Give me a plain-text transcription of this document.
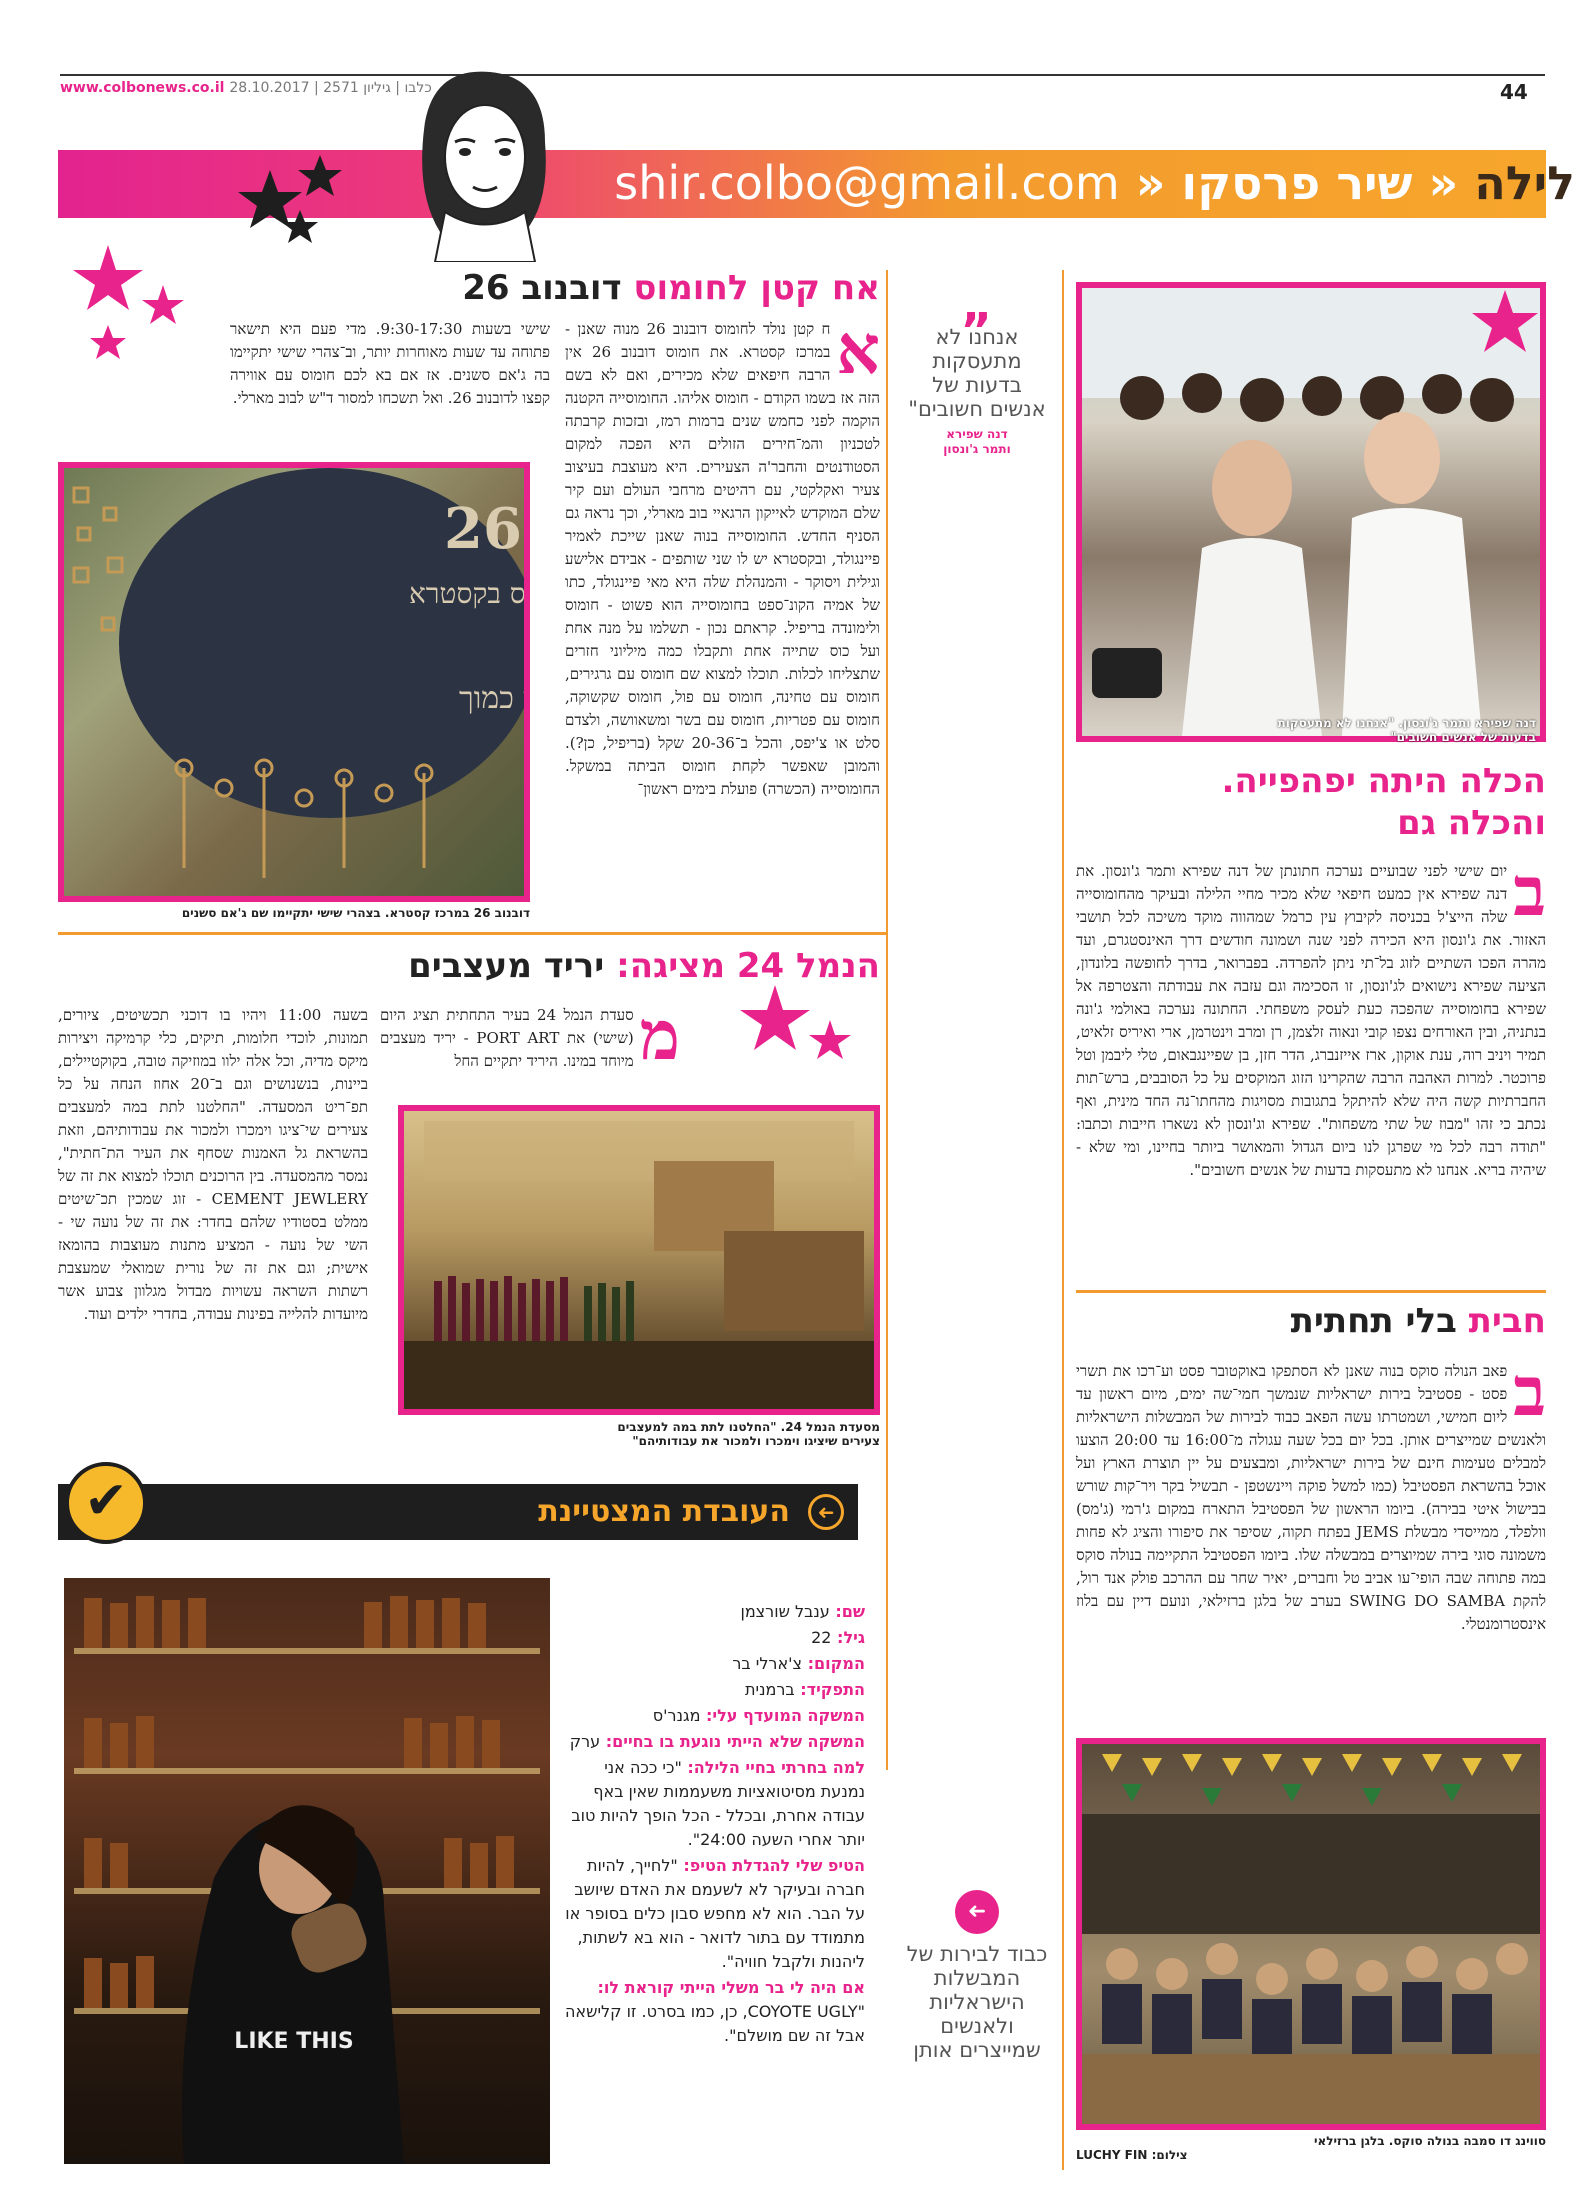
www.colbonews.co.il כלבו | גיליון 2571 | 28.10.2017	44
לילה « שיר פרסקו « shir.colbo@gmail.com
אח קטן לחומוס דובנוב 26
א
ח קטן נולד לחומוס דובנוב 26 מנוה שאנן - במרכז קסטרא. את חומוס דובנוב 26 אין הרבה חיפאים שלא מכירים, ואם לא בשם הזה אז בשמו הקודם - חומוס אליהו. החומוסייה הקטנה הוקמה לפני כחמש שנים ברמות רמז, ובזכות קרבתה לטכניון והמ־חירים הזולים היא הפכה למקום הסטודנטים והחבר'ה הצעירים. היא מעוצבת בעיצוב צעיר ואקלקטי, עם רהיטים מרחבי העולם ועם קיר שלם המוקדש לאייקון הרגאיי בוב מארלי, וכך נראה גם הסניף החדש. החומוסייה בנוה שאנן שייכת לאמיר פיינגולד, ובקסטרא יש לו שני שותפים - אבידם אלישע וגילית ויסוקר - והמנהלת שלה היא מאי פיינגולד, כתו של אמיה הקונ־ספט בחומוסייה הוא פשוט - חומוס ולימונדה בריפיל. קראתם נכון - תשלמו על מנה אחת ועל כוס שתייה אחת ותקבלו כמה מיליוני חזרים שתצליחו לכלות. תוכלו למצוא שם חומוס עם גרגירים, חומוס עם טחינה, חומוס עם פול, חומוס שקשוקה, חומוס עם פטריות, חומוס עם בשר ומשאוושה, ולצדם סלט או צ'יפס, והכל ב־20-36 שקל (בריפיל, כן?). והמובן שאפשר לקחת חומוס הביתה במשקל. החומוסייה (הכשרה) פועלת בימים ראשון־
שישי בשעות 9:30-17:30. מדי פעם היא תישאר פתוחה עד שעות מאוחרות יותר, וב־צהרי שישי יתקיימו בה ג'אם סשנים. אז אם בא לכם חומוס עם אווירה קפצו לדובנוב 26. ואל תשכחו למסור ד"ש לבוב מארלי.
26
ס בקסטרא
כמוך
דובנוב 26 במרכז קסטרא. בצהרי שישי יתקיימו שם ג'אם סשנים
הנמל 24 מציגה: יריד מעצבים
מ
סעדת הנמל 24 בעיר התחתית תציג היום (שישי) את PORT ART - יריד מעצבים מיוחד במינו. היריד יתקיים החל
בשעה 11:00 ויהיו בו דוכני תכשיטים, ציורים, תמונות, לוכדי חלומות, תיקים, כלי קרמיקה ויצירות מיקס מדיה, וכל אלה ילוו במוזיקה טובה, בקוקטיילים, ביינות, בנשנושים וגם ב־20 אחוז הנחה על כל תפ־ריט המסעדה. "החלטנו לתת במה למעצבים צעירים שי־ציגו וימכרו ולמכור את עבודותיהם, וזאת בהשראת גל האמנות שסחף את העיר הת־חתית", נמסר מהמסעדה. בין הרוכנים תוכלו למצוא את זה של CEMENT JEWLERY - זוג שמכין תכ־שיטים ממלט בסטודיו שלהם בחדר: את זה של נועה שי - השי של נועה - המציע מתנות מעוצבות בהומאז אישית; וגם את זה של נורית שמואלי שמעצבת רשתות השראה עשויות מבדול מגלוון צבוע אשר מיועדות להלייה בפינות עבודה, בחדרי ילדים ועוד.
מסעדת הנמל 24. "החלטנו לתת במה למעצבים
צעירים שיציגו וימכרו ולמכור את עבודותיהם"
✔	העובדת המצטיינת	➜
LIKE THIS
שם: ענבל שורצמן
גיל: 22
המקום: צ'ארלי בר
התפקיד: ברמנית
המשקה המועדף עלי: מגנר'ס
המשקה שלא הייתי נוגעת בו בחיים: ערק
למה בחרתי בחיי הלילה: "כי ככה אני נמנעת מסיטואציות משעממות שאין באף עבודה אחרת, ובכלל - הכל הופך להיות טוב יותר אחרי השעה 24:00".
הטיפ שלי להגדלת הטיפ: "לחייך, להיות חברה ובעיקר לא לשעמם את האדם שיושב על הבר. הוא לא מחפש סבון כלים בסופר או מתמודד עם בתור לדואר - הוא בא לשתות, ליהנות ולקבל חוויה".
אם היה לי בר משלי הייתי קוראת לו: "COYOTE UGLY, כן, כמו בסרט. זו קלישאה אבל זה שם מושלם".
דנה שפירא ותמר ג'ונסון. "אנחנו לא מתעסקות
בדעות של אנשים חשובים"
„
אנחנו לא מתעסקות בדעות של אנשים חשובים"
דנה שפירא
ותמר ג'ונסון
הכלה היתה יפהפייה.
והכלה גם
ב
יום שישי לפני שבועיים נערכה חתונתן של דנה שפירא ותמר ג'ונסון. את דנה שפירא אין כמעט חיפאי שלא מכיר מחיי הלילה ובעיקר מהחומוסייה שלה הייצ'ל בכניסה לקיבוץ עין כרמל שמהווה מוקד משיכה לכל תושבי האזור. את ג'ונסון היא הכירה לפני שנה ושמונה חודשים דרך האינסטגרם, ועד מהרה הפכו השתיים לזוג בל־תי ניתן להפרדה. בפברואר, בדרך לחופשה בלונדון, הציעה שפירא נישואים לג'ונסון, זו הסכימה וגם עזבה את עבודתה והצטרפה אל שפירא בחומוסייה שהפכה כעת לעסק משפחתי. החתונה נערכה באולמי ג'ונה בנתניה, ובין האורחים נצפו קובי ונאוה זלצמן, רן ומרב וינטרמן, ארי ואיריס זלאיט, תמיר ויניב רוה, ענת אוקון, ארז אייזנברג, הדר חזן, בן שפיינגבאום, טלי ליבמן וטל פרוכטר. למרות האהבה הרבה שהקרינו הזוג המוקסים על כל הסובבים, ברש־תות החברתיות קשה היה שלא להיתקל בתגובות מסויגות מהחתו־נה החד מינית, ואף נכתב כי זהו "מבוז של שתי משפחות". שפירא וג'ונסון לא נשארו חייבות וכתבו: "תודה רבה לכל מי שפרגן לנו ביום הגדול והמאושר ביותר בחיינו, ומי שלא - שיהיה בריא. אנחנו לא מתעסקות בדעות של אנשים חשובים".
חבית בלי תחתית
ב
פאב הנולה סוקס בנוה שאנן לא הסתפקו באוקטובר פסט וע־רכו את תשרי פסט - פסטיבל בירות ישראליות שנמשך חמי־שה ימים, מיום ראשון עד ליום חמישי, ושמטרתו עשה הפאב כבוד לבירות של המבשלות הישראליות ולאנשים שמייצרים אותן. בכל יום בכל שעה עגולה מ־16:00 עד 20:00 הוצעו למבלים טעימות חינם של בירות ישראליות, ומבצעים על יין תוצרת הארץ ועל אוכל בהשראת הפסטיבל (כמו למשל פוקה ויינשטפן - תבשיל בקר ויר־קות שורש בבישול איטי בבירה). ביומו הראשון של הפסטיבל התארח במקום ג'רמי (ג'מס) וולפלד, ממייסדי מבשלת JEMS בפתח תקוה, שסיפר את סיפורו והציג לא פחות משמונה סוגי בירה שמיוצרים במבשלה שלו. ביומו הפסטיבל התקיימה בנולה סוקס במה פתוחה שבה הופי־עו אביב טל וחברים, יאיר שחר עם ההרכב פולק אנד רול, להקת SWING DO SAMBA בערב של בלגן ברזילאי, ונועם דיין עם בלוז אינסטרומנטלי.
סווינג דו סמבה בנולה סוקס. בלגן ברזילאי
צילום: LUCHY FIN
➜
כבוד לבירות של המבשלות הישראליות ולאנשים שמייצרים אותן
